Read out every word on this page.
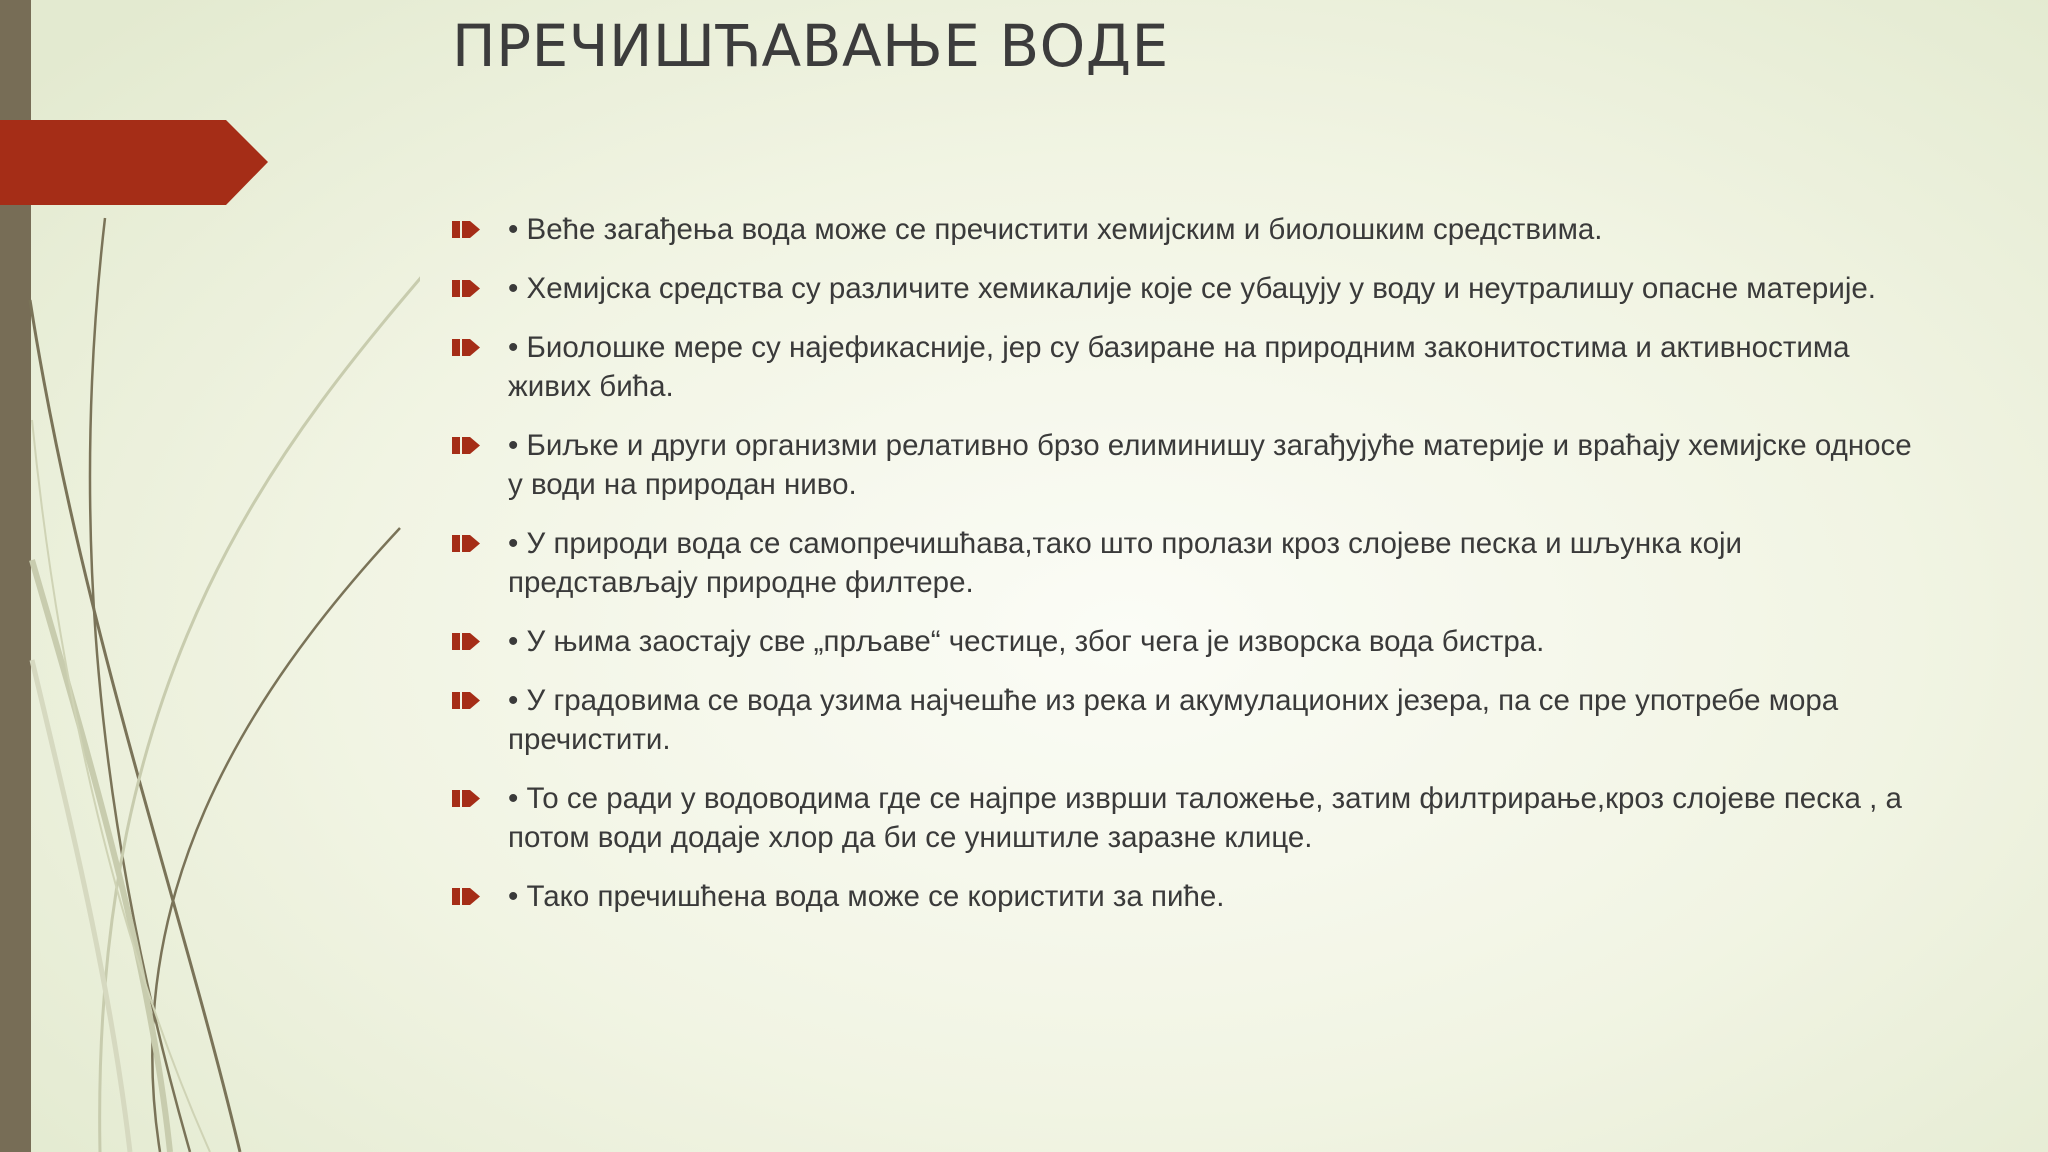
ПРЕЧИШЋАВАЊЕ ВОДЕ
• Веће загађења вода може се пречистити хемијским и биолошким средствима.
• Хемијска средства су различите хемикалије које се убацују у воду и неутралишу опасне материје.
• Биолошке мере су најефикасније, јер су базиране на природним законитостима и активностима живих бића.
• Биљке и други организми релативно брзо елиминишу загађујуће материје и враћају хемијске односе у води на природан ниво.
• У природи вода се самопречишћава,тако што пролази кроз слојеве песка и шљунка који представљају природне филтере.
• У њима заостају све „прљаве“ честице, због чега је изворска вода бистра.
• У градовима се вода узима најчешће из река и акумулационих језера, па се пре употребе мора пречистити.
• То се ради у водоводима где се најпре изврши таложење, затим филтрирање,кроз слојеве песка , а потом води додаје хлор да би се уништиле заразне клице.
• Тако пречишћена вода може се користити за пиће.
